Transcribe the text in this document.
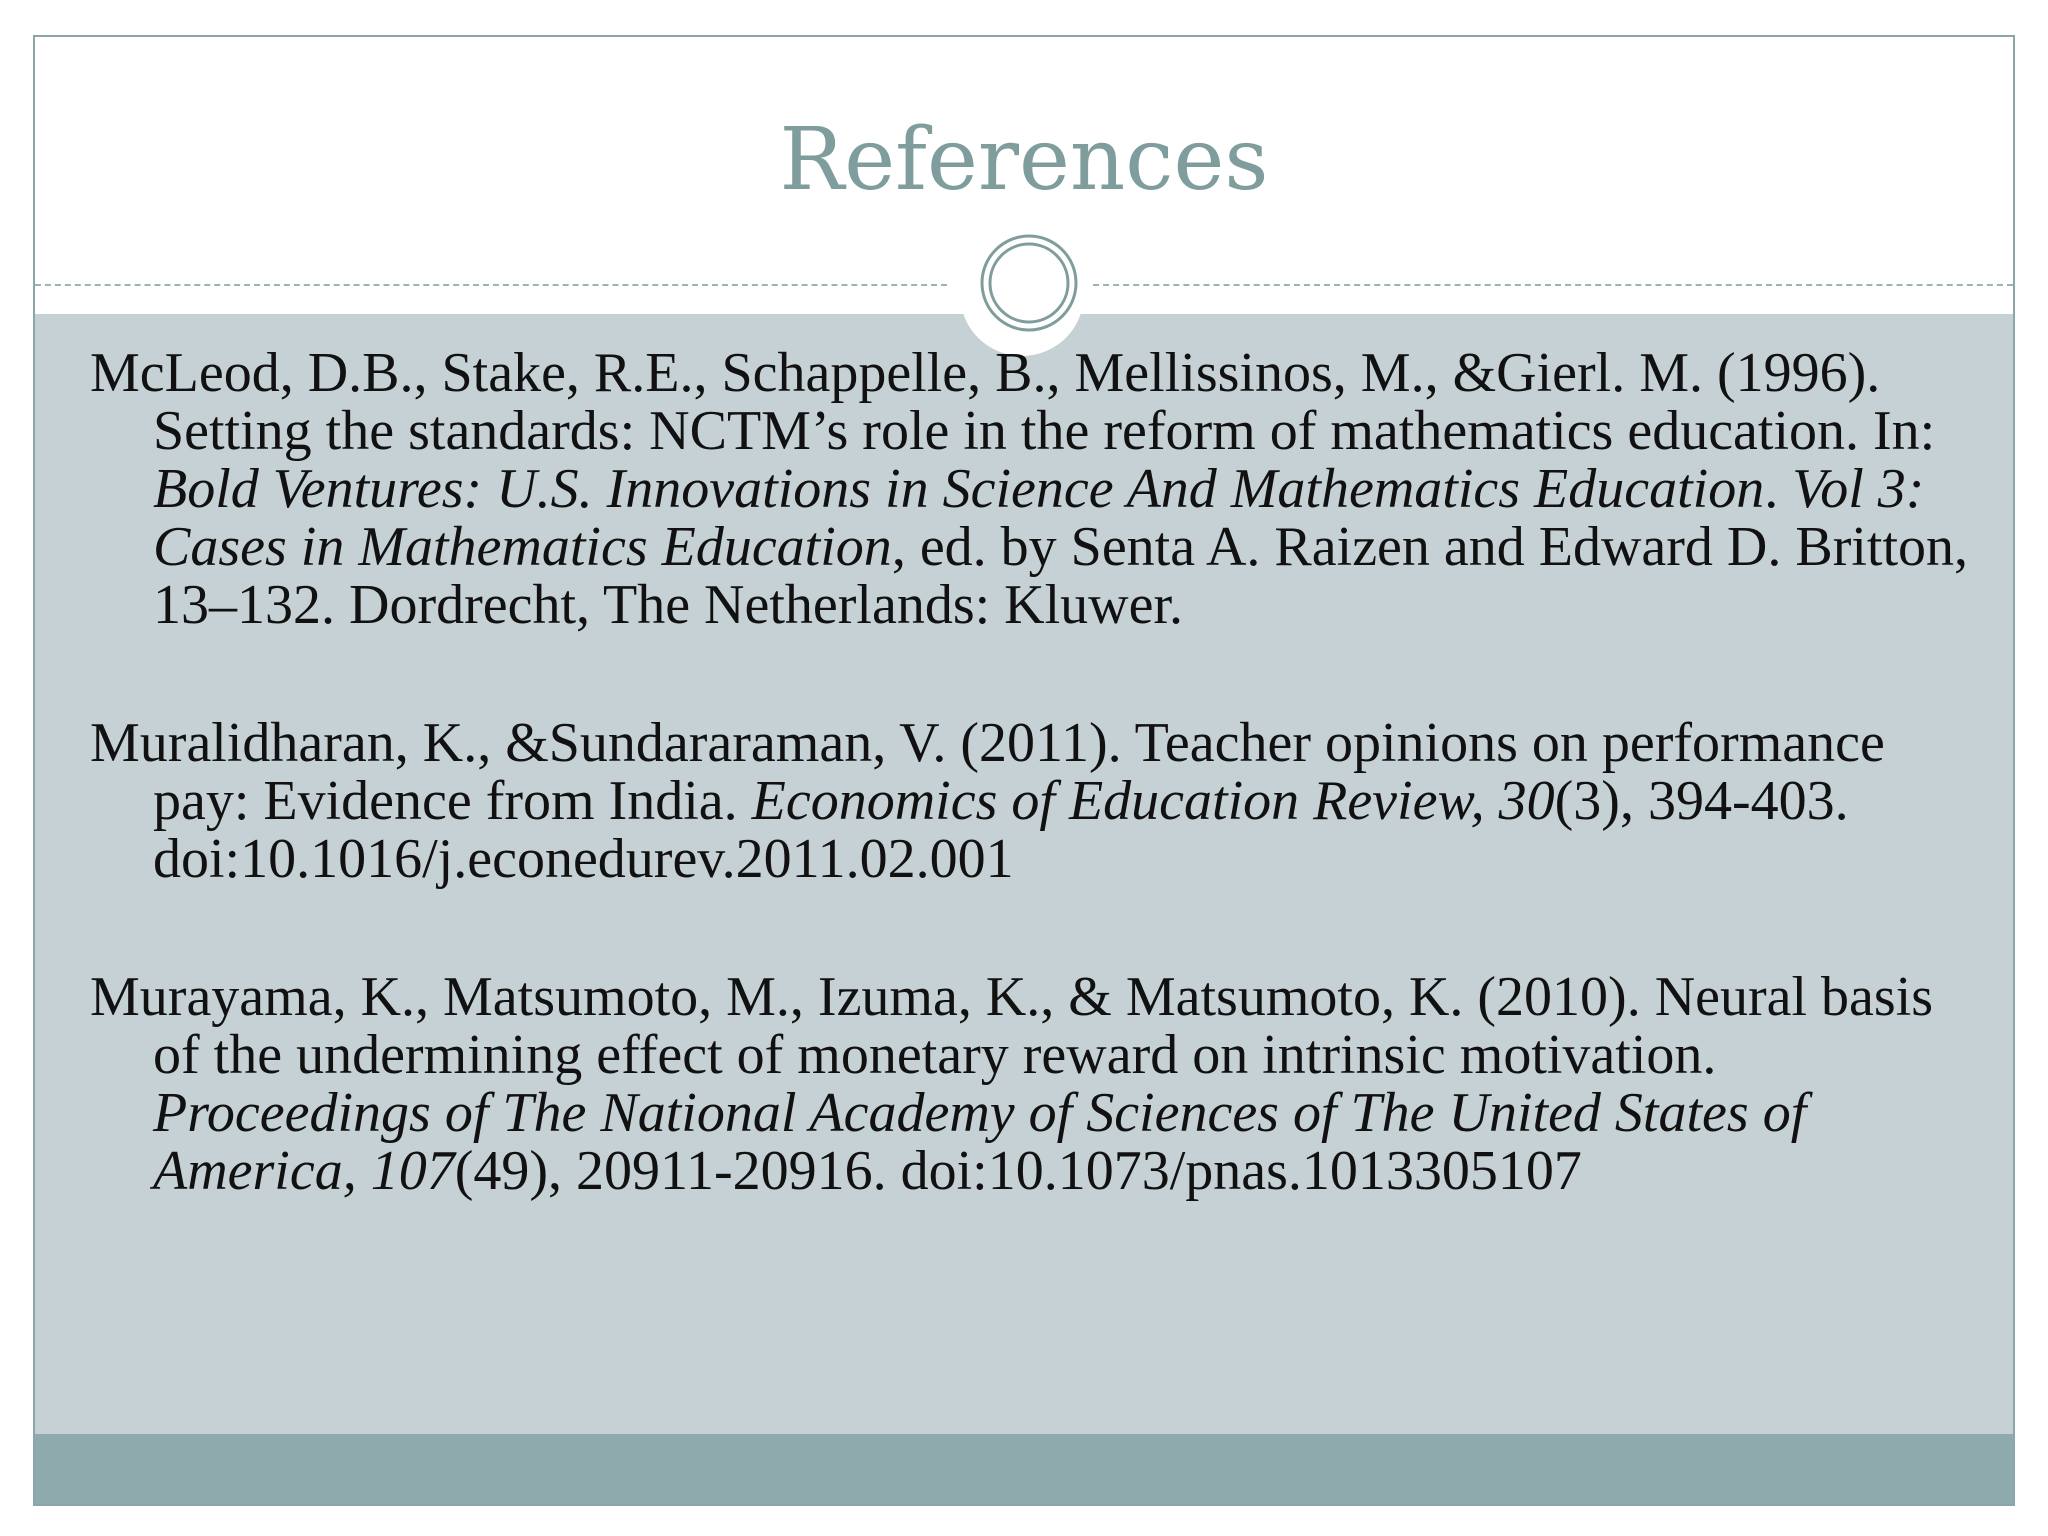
References

McLeod, D.B., Stake, R.E., Schappelle, B., Mellissinos, M., &Gierl. M. (1996). Setting the standards: NCTM’s role in the reform of mathematics education. In: Bold Ventures: U.S. Innovations in Science And Mathematics Education. Vol 3: Cases in Mathematics Education, ed. by Senta A. Raizen and Edward D. Britton, 13–132. Dordrecht, The Netherlands: Kluwer.

Muralidharan, K., &Sundararaman, V. (2011). Teacher opinions on performance pay: Evidence from India. Economics of Education Review, 30(3), 394-403. doi:10.1016/j.econedurev.2011.02.001

Murayama, K., Matsumoto, M., Izuma, K., & Matsumoto, K. (2010). Neural basis of the undermining effect of monetary reward on intrinsic motivation. Proceedings of The National Academy of Sciences of The United States of America, 107(49), 20911-20916. doi:10.1073/pnas.1013305107
